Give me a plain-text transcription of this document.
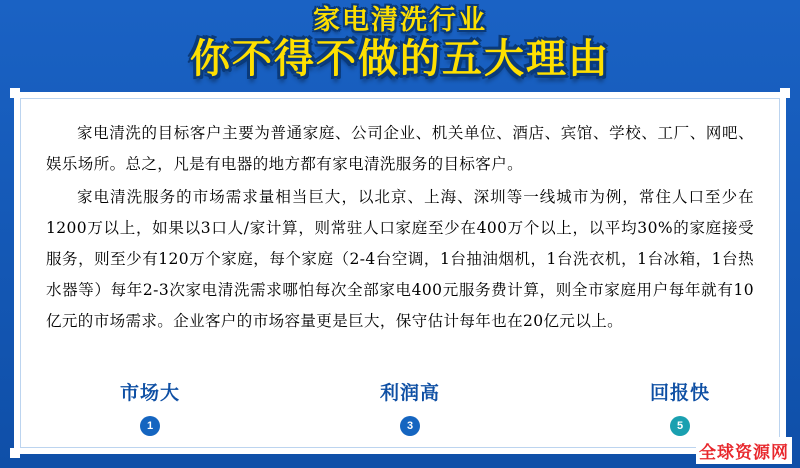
家电清洗行业
你不得不做的五大理由

家电清洗的目标客户主要为普通家庭、公司企业、机关单位、酒店、宾馆、学校、工厂、网吧、娱乐场所。总之，凡是有电器的地方都有家电清洗服务的目标客户。

家电清洗服务的市场需求量相当巨大，以北京、上海、深圳等一线城市为例，常住人口至少在1200万以上，如果以3口人/家计算，则常驻人口家庭至少在400万个以上，以平均30%的家庭接受服务，则至少有120万个家庭，每个家庭（2-4台空调，1台抽油烟机，1台洗衣机，1台冰箱，1台热水器等）每年2-3次家电清洗需求哪怕每次全部家电400元服务费计算，则全市家庭用户每年就有10亿元的市场需求。企业客户的市场容量更是巨大，保守估计每年也在20亿元以上。

市场大
1
利润高
3
回报快
5
全球资源网
